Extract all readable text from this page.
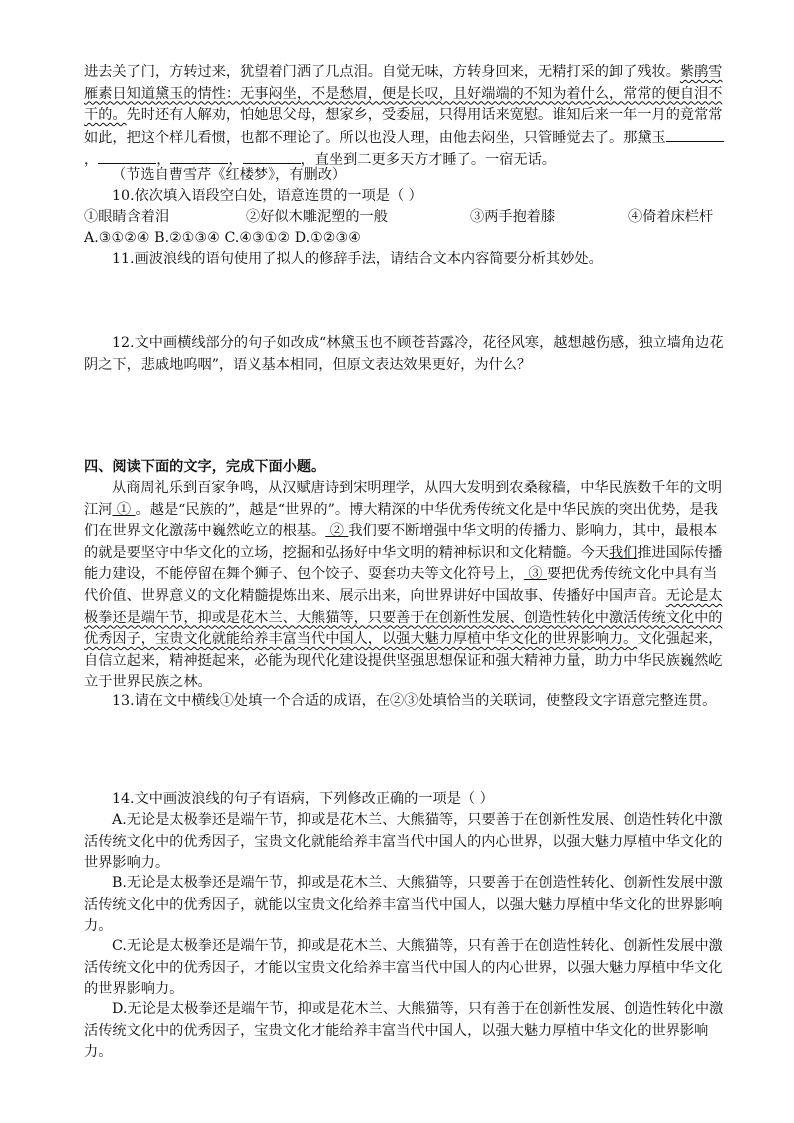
进去关了门，方转过来，犹望着门洒了几点泪。自觉无味，方转身回来，无精打采的卸了残妆。紫鹃雪雁素日知道黛玉的情性：无事闷坐，不是愁眉，便是长叹，且好端端的不知为着什么，常常的便自泪不干的。先时还有人解劝，怕她思父母，想家乡，受委屈，只得用话来宽慰。谁知后来一年一月的竟常常如此，把这个样儿看惯，也都不理论了。所以也没人理，由他去闷坐，只管睡觉去了。那黛玉，	，	，	，直坐到二更多天方才睡了。一宿无话。
（节选自曹雪芹《红楼梦》，有删改）
10.依次填入语段空白处，语意连贯的一项是（ ）
①眼睛含着泪	②好似木雕泥塑的一般	③两手抱着膝	④倚着床栏杆
A.③①②④ B.②①③④ C.④③①② D.①②③④
11.画波浪线的语句使用了拟人的修辞手法，请结合文本内容简要分析其妙处。
12.文中画横线部分的句子如改成“林黛玉也不顾苍苔露冷，花径风寒，越想越伤感，独立墙角边花阴之下，悲戚地呜咽”，语义基本相同，但原文表达效果更好，为什么？
四、阅读下面的文字，完成下面小题。
从商周礼乐到百家争鸣，从汉赋唐诗到宋明理学，从四大发明到农桑稼穑，中华民族数千年的文明江河 ① 。越是“民族的”，越是“世界的”。博大精深的中华优秀传统文化是中华民族的突出优势，是我们在世界文化激荡中巍然屹立的根基。 ② 我们要不断增强中华文明的传播力、影响力，其中，最根本的就是要坚守中华文化的立场，挖掘和弘扬好中华文明的精神标识和文化精髓。今天我们推进国际传播能力建设，不能停留在舞个狮子、包个饺子、耍套功夫等文化符号上， ③ 要把优秀传统文化中具有当代价值、世界意义的文化精髓提炼出来、展示出来，向世界讲好中国故事、传播好中国声音。无论是太极拳还是端午节，抑或是花木兰、大熊猫等，只要善于在创新性发展、创造性转化中激活传统文化中的优秀因子，宝贵文化就能给养丰富当代中国人，以强大魅力厚植中华文化的世界影响力。文化强起来，自信立起来，精神挺起来，必能为现代化建设提供坚强思想保证和强大精神力量，助力中华民族巍然屹立于世界民族之林。
13.请在文中横线①处填一个合适的成语，在②③处填恰当的关联词，使整段文字语意完整连贯。
14.文中画波浪线的句子有语病，下列修改正确的一项是（ ）
A.无论是太极拳还是端午节，抑或是花木兰、大熊猫等，只要善于在创新性发展、创造性转化中激活传统文化中的优秀因子，宝贵文化就能给养丰富当代中国人的内心世界，以强大魅力厚植中华文化的世界影响力。
B.无论是太极拳还是端午节，抑或是花木兰、大熊猫等，只要善于在创造性转化、创新性发展中激活传统文化中的优秀因子，就能以宝贵文化给养丰富当代中国人，以强大魅力厚植中华文化的世界影响力。
C.无论是太极拳还是端午节，抑或是花木兰、大熊猫等，只有善于在创造性转化、创新性发展中激活传统文化中的优秀因子，才能以宝贵文化给养丰富当代中国人的内心世界，以强大魅力厚植中华文化的世界影响力。
D.无论是太极拳还是端午节，抑或是花木兰、大熊猫等，只有善于在创新性发展、创造性转化中激活传统文化中的优秀因子，宝贵文化才能给养丰富当代中国人，以强大魅力厚植中华文化的世界影响力。
